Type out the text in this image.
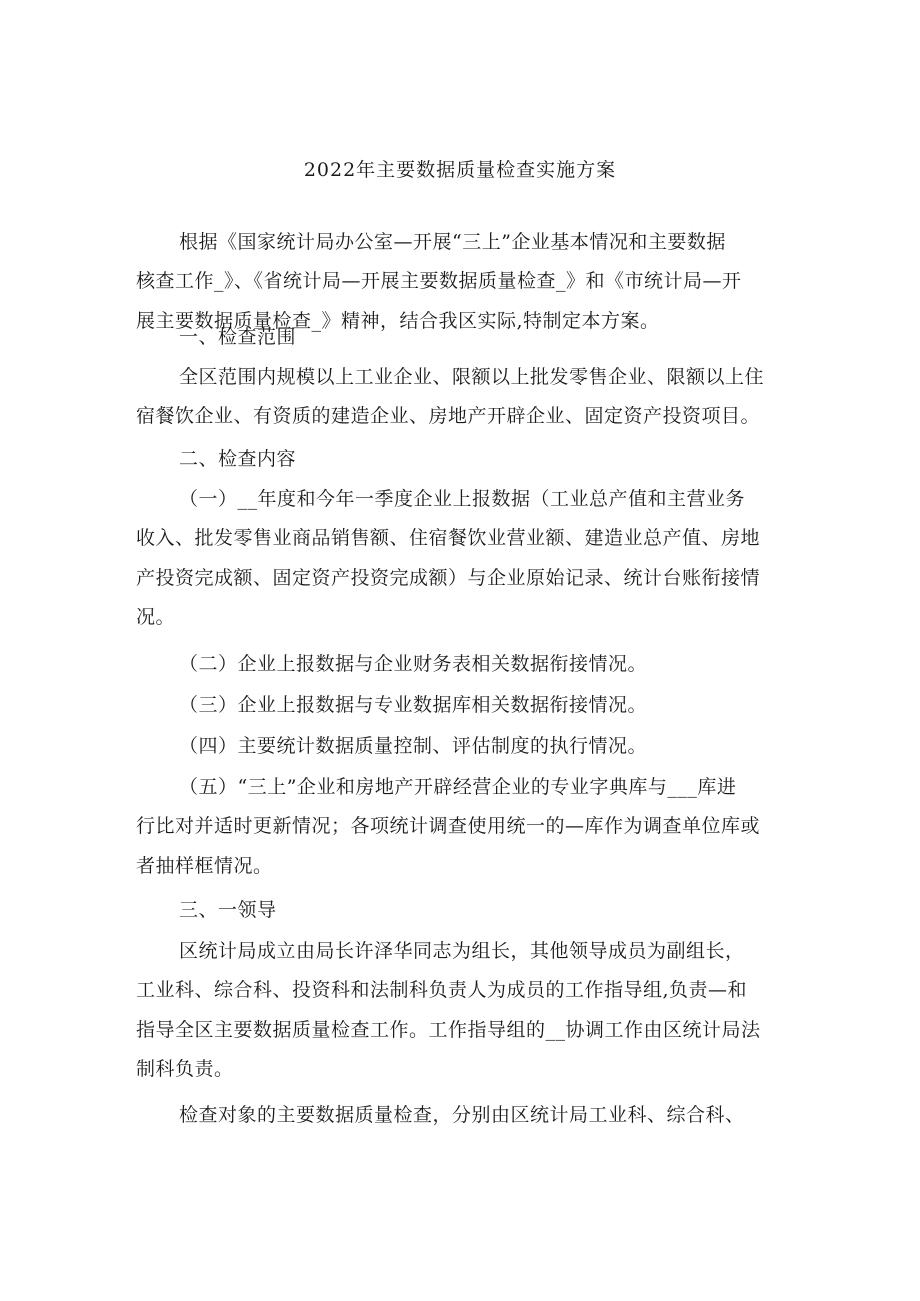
2022年主要数据质量检查实施方案
根据《国家统计局办公室—开展“三上”企业基本情况和主要数据
核查工作_》、《省统计局—开展主要数据质量检查_》和《市统计局—开
展主要数据质量检查_》精神，结合我区实际,特制定本方案。
一、检查范围
全区范围内规模以上工业企业、限额以上批发零售企业、限额以上住
宿餐饮企业、有资质的建造企业、房地产开辟企业、固定资产投资项目。
二、检查内容
（一）__年度和今年一季度企业上报数据（工业总产值和主营业务
收入、批发零售业商品销售额、住宿餐饮业营业额、建造业总产值、房地
产投资完成额、固定资产投资完成额）与企业原始记录、统计台账衔接情
况。
（二）企业上报数据与企业财务表相关数据衔接情况。
（三）企业上报数据与专业数据库相关数据衔接情况。
（四）主要统计数据质量控制、评估制度的执行情况。
（五）“三上”企业和房地产开辟经营企业的专业字典库与___库进
行比对并适时更新情况；各项统计调查使用统一的—库作为调查单位库或
者抽样框情况。
三、一领导
区统计局成立由局长许泽华同志为组长，其他领导成员为副组长，
工业科、综合科、投资科和法制科负责人为成员的工作指导组,负责—和
指导全区主要数据质量检查工作。工作指导组的__协调工作由区统计局法
制科负责。
检查对象的主要数据质量检查，分别由区统计局工业科、综合科、
